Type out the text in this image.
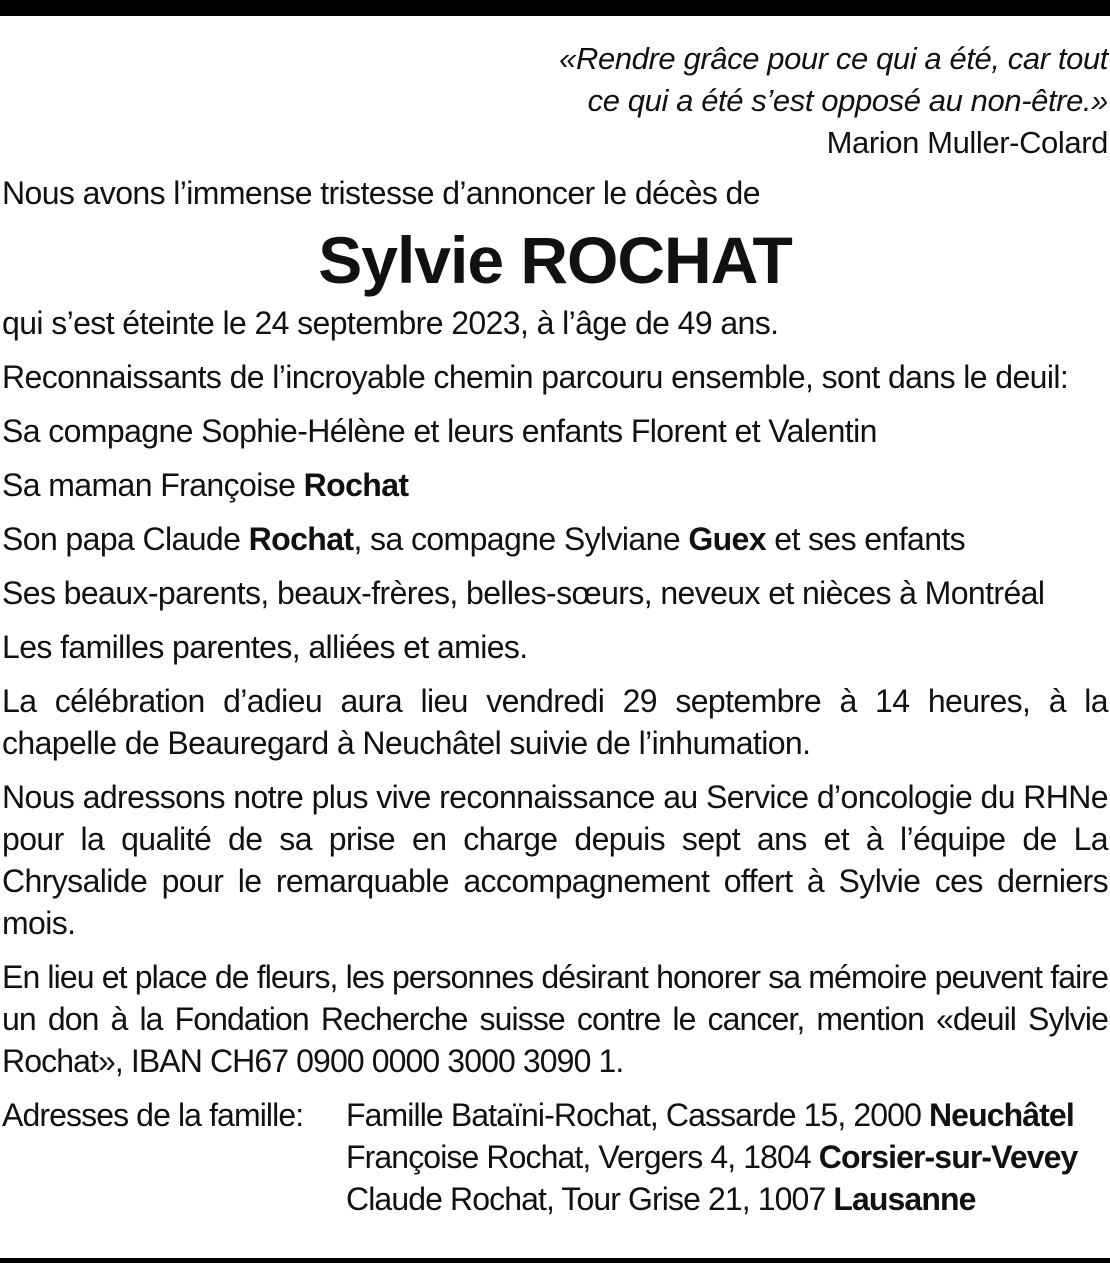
«Rendre grâce pour ce qui a été, car tout
ce qui a été s’est opposé au non-être.»
Marion Muller-Colard
Nous avons l’immense tristesse d’annoncer le décès de
Sylvie ROCHAT
qui s’est éteinte le 24 septembre 2023, à l’âge de 49 ans.
Reconnaissants de l’incroyable chemin parcouru ensemble, sont dans le deuil:
Sa compagne Sophie-Hélène et leurs enfants Florent et Valentin
Sa maman Françoise Rochat
Son papa Claude Rochat, sa compagne Sylviane Guex et ses enfants
Ses beaux-parents, beaux-frères, belles-sœurs, neveux et nièces à Montréal
Les familles parentes, alliées et amies.
La célébration d’adieu aura lieu vendredi 29 septembre à 14 heures, à la chapelle de Beauregard à Neuchâtel suivie de l’inhumation.
Nous adressons notre plus vive reconnaissance au Service d’oncologie du RHNe pour la qualité de sa prise en charge depuis sept ans et à l’équipe de La Chrysalide pour le remarquable accompagnement offert à Sylvie ces derniers mois.
En lieu et place de fleurs, les personnes désirant honorer sa mémoire peuvent faire un don à la Fondation Recherche suisse contre le cancer, mention «deuil Sylvie Rochat», IBAN CH67 0900 0000 3000 3090 1.
Adresses de la famille:	Famille Bataïni-Rochat, Cassarde 15, 2000 Neuchâtel
Françoise Rochat, Vergers 4, 1804 Corsier-sur-Vevey
Claude Rochat, Tour Grise 21, 1007 Lausanne
